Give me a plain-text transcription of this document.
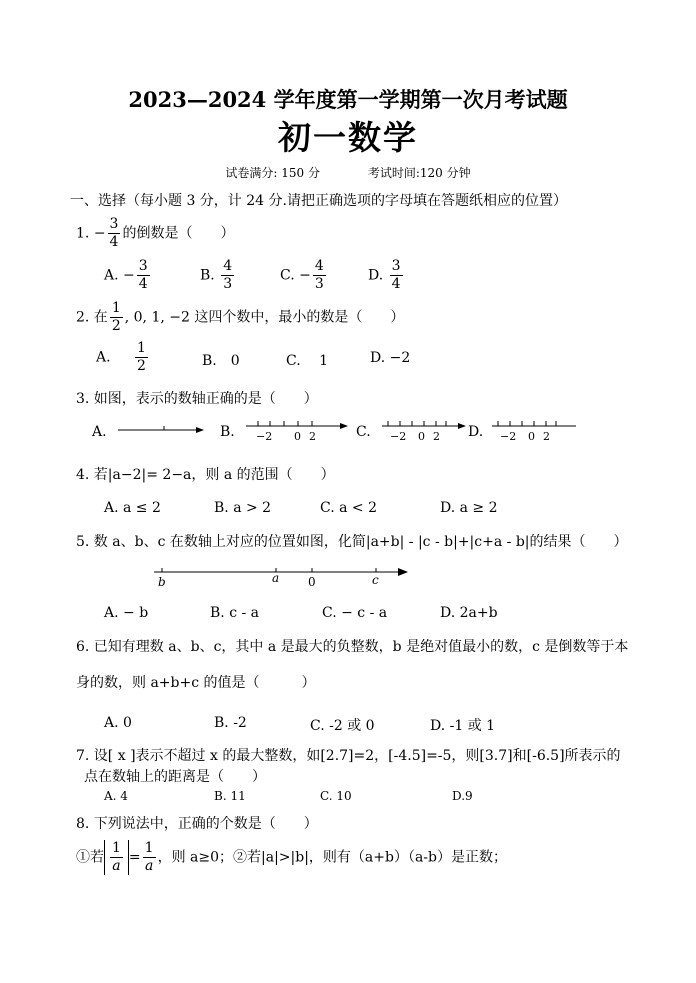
2023—2024 学年度第一学期第一次月考试题
初一数学
试卷满分: 150 分	考试时间:120 分钟
一、选择（每小题 3 分，计 24 分.请把正确选项的字母填在答题纸相应的位置）
1. − $\frac{3}{4}$ 的倒数是（　　）
A. − $\frac{3}{4}$	B. $\frac{4}{3}$	C. − $\frac{4}{3}$	D. $\frac{3}{4}$
2. 在 $\frac{1}{2}$ , 0, 1, −2 这四个数中，最小的数是（　　）
A. $\frac{1}{2}$	B.　0	C.　 1	D. −2
3. 如图，表示的数轴正确的是（　　）
A.	B. −2 0 2	C. −2 0 2 D. −2 0 2
4. 若|a−2|= 2−a，则 a 的范围（　　）
A. a ≤ 2	B. a > 2	C. a < 2	D. a ≥ 2
5. 数 a、b、c 在数轴上对应的位置如图，化简|a+b| - |c - b|+|c+a - b|的结果（　　）
b	a 0	c
A. − b	B. c - a	C. − c - a	D. 2a+b
6. 已知有理数 a、b、c，其中 a 是最大的负整数，b 是绝对值最小的数，c 是倒数等于本
身的数，则 a+b+c 的值是（　　　）
A. 0	B. -2	C. -2 或 0	D. -1 或 1
7. 设[ x ]表示不超过 x 的最大整数，如[2.7]=2，[-4.5]=-5，则[3.7]和[-6.5]所表示的
点在数轴上的距离是（　　）
A. 4	B. 11	C. 10	D.9
8. 下列说法中，正确的个数是（　　）
①若 $\frac{1}{a} = \frac{1}{a}$ ，则 a≥0；②若|a|>|b|，则有（a+b）（a-b）是正数；
